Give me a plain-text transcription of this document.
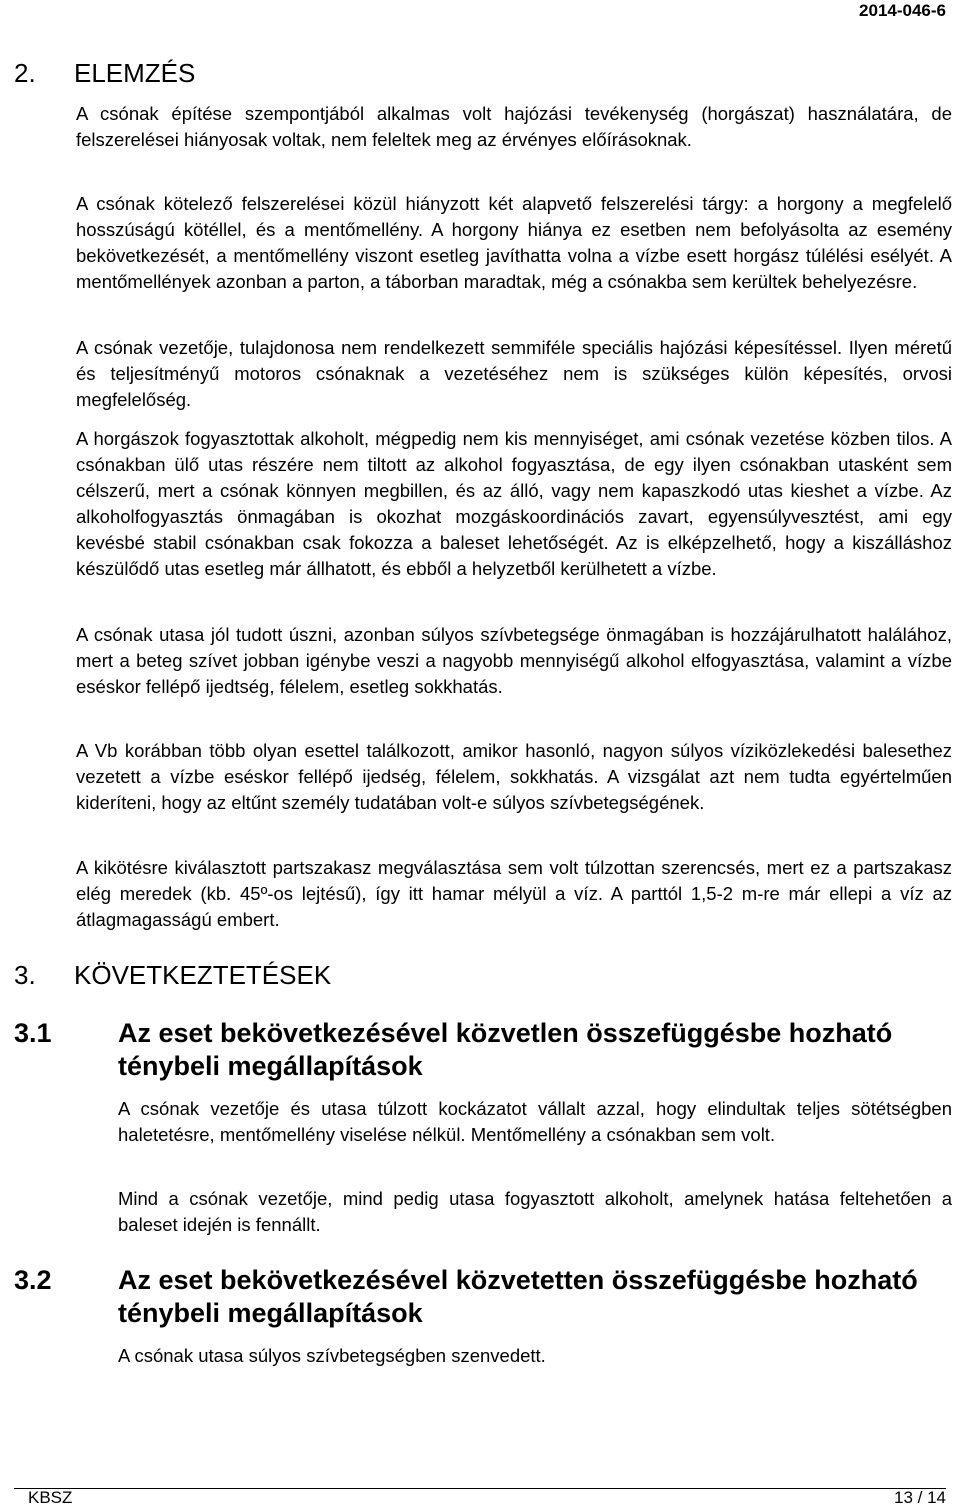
2014-046-6
2. ELEMZÉS

A csónak építése szempontjából alkalmas volt hajózási tevékenység (horgászat) használatára, de felszerelései hiányosak voltak, nem feleltek meg az érvényes előírásoknak.

A csónak kötelező felszerelései közül hiányzott két alapvető felszerelési tárgy: a horgony a megfelelő hosszúságú kötéllel, és a mentőmellény. A horgony hiánya ez esetben nem befolyásolta az esemény bekövetkezését, a mentőmellény viszont esetleg javíthatta volna a vízbe esett horgász túlélési esélyét. A mentőmellények azonban a parton, a táborban maradtak, még a csónakba sem kerültek behelyezésre.

A csónak vezetője, tulajdonosa nem rendelkezett semmiféle speciális hajózási képesítéssel. Ilyen méretű és teljesítményű motoros csónaknak a vezetéséhez nem is szükséges külön képesítés, orvosi megfelelőség.

A horgászok fogyasztottak alkoholt, mégpedig nem kis mennyiséget, ami csónak vezetése közben tilos. A csónakban ülő utas részére nem tiltott az alkohol fogyasztása, de egy ilyen csónakban utasként sem célszerű, mert a csónak könnyen megbillen, és az álló, vagy nem kapaszkodó utas kieshet a vízbe. Az alkoholfogyasztás önmagában is okozhat mozgáskoordinációs zavart, egyensúlyvesztést, ami egy kevésbé stabil csónakban csak fokozza a baleset lehetőségét. Az is elképzelhető, hogy a kiszálláshoz készülődő utas esetleg már állhatott, és ebből a helyzetből kerülhetett a vízbe.

A csónak utasa jól tudott úszni, azonban súlyos szívbetegsége önmagában is hozzájárulhatott halálához, mert a beteg szívet jobban igénybe veszi a nagyobb mennyiségű alkohol elfogyasztása, valamint a vízbe eséskor fellépő ijedtség, félelem, esetleg sokkhatás.

A Vb korábban több olyan esettel találkozott, amikor hasonló, nagyon súlyos víziközlekedési balesethez vezetett a vízbe eséskor fellépő ijedség, félelem, sokkhatás. A vizsgálat azt nem tudta egyértelműen kideríteni, hogy az eltűnt személy tudatában volt-e súlyos szívbetegségének.

A kikötésre kiválasztott partszakasz megválasztása sem volt túlzottan szerencsés, mert ez a partszakasz elég meredek (kb. 45º-os lejtésű), így itt hamar mélyül a víz. A parttól 1,5-2 m-re már ellepi a víz az átlagmagasságú embert.

3. KÖVETKEZTETÉSEK
3.1	Az eset bekövetkezésével közvetlen összefüggésbe hozható ténybeli megállapítások

A csónak vezetője és utasa túlzott kockázatot vállalt azzal, hogy elindultak teljes sötétségben haletetésre, mentőmellény viselése nélkül. Mentőmellény a csónakban sem volt.

Mind a csónak vezetője, mind pedig utasa fogyasztott alkoholt, amelynek hatása feltehetően a baleset idején is fennállt.

3.2	Az eset bekövetkezésével közvetetten összefüggésbe hozható ténybeli megállapítások

A csónak utasa súlyos szívbetegségben szenvedett.

KBSZ	13 / 14
